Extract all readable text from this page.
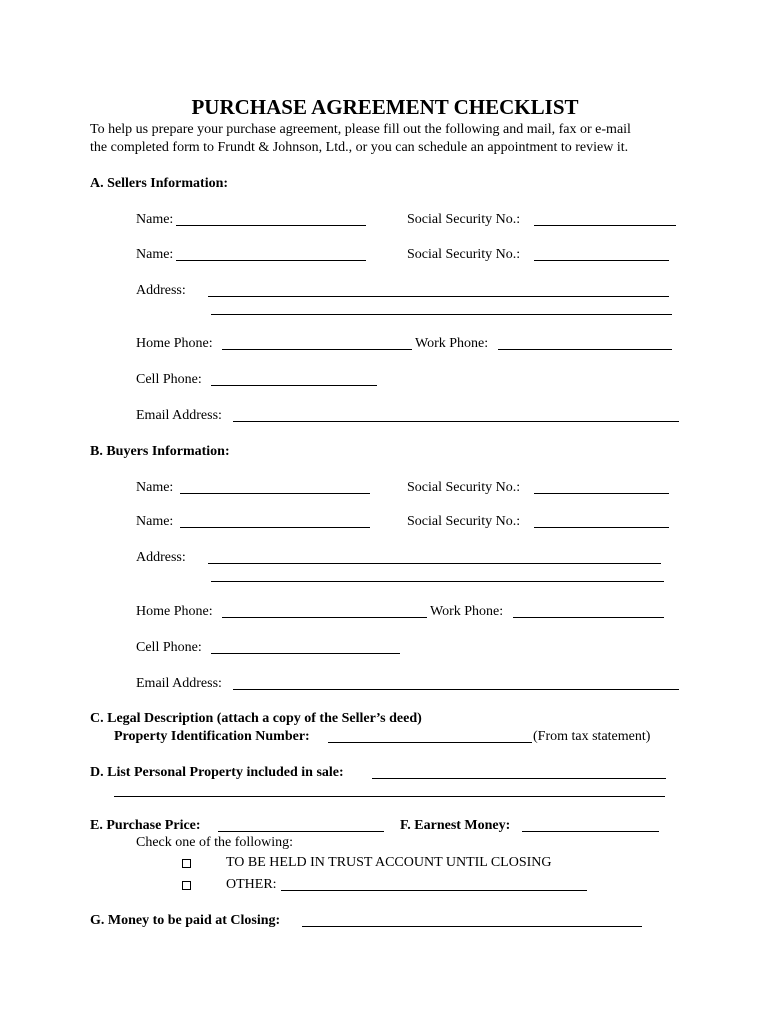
PURCHASE AGREEMENT CHECKLIST
To help us prepare your purchase agreement, please fill out the following and mail, fax or e-mail
the completed form to Frundt & Johnson, Ltd., or you can schedule an appointment to review it.
A. Sellers Information:
Name:	Social Security No.:
Name:	Social Security No.:
Address:
Home Phone:	Work Phone:
Cell Phone:
Email Address:
B. Buyers Information:
Name:	Social Security No.:
Name:	Social Security No.:
Address:
Home Phone:	Work Phone:
Cell Phone:
Email Address:
C. Legal Description (attach a copy of the Seller’s deed)
Property Identification Number:	(From tax statement)
D. List Personal Property included in sale:
E. Purchase Price:	F. Earnest Money:
Check one of the following:
TO BE HELD IN TRUST ACCOUNT UNTIL CLOSING
OTHER:
G. Money to be paid at Closing:
